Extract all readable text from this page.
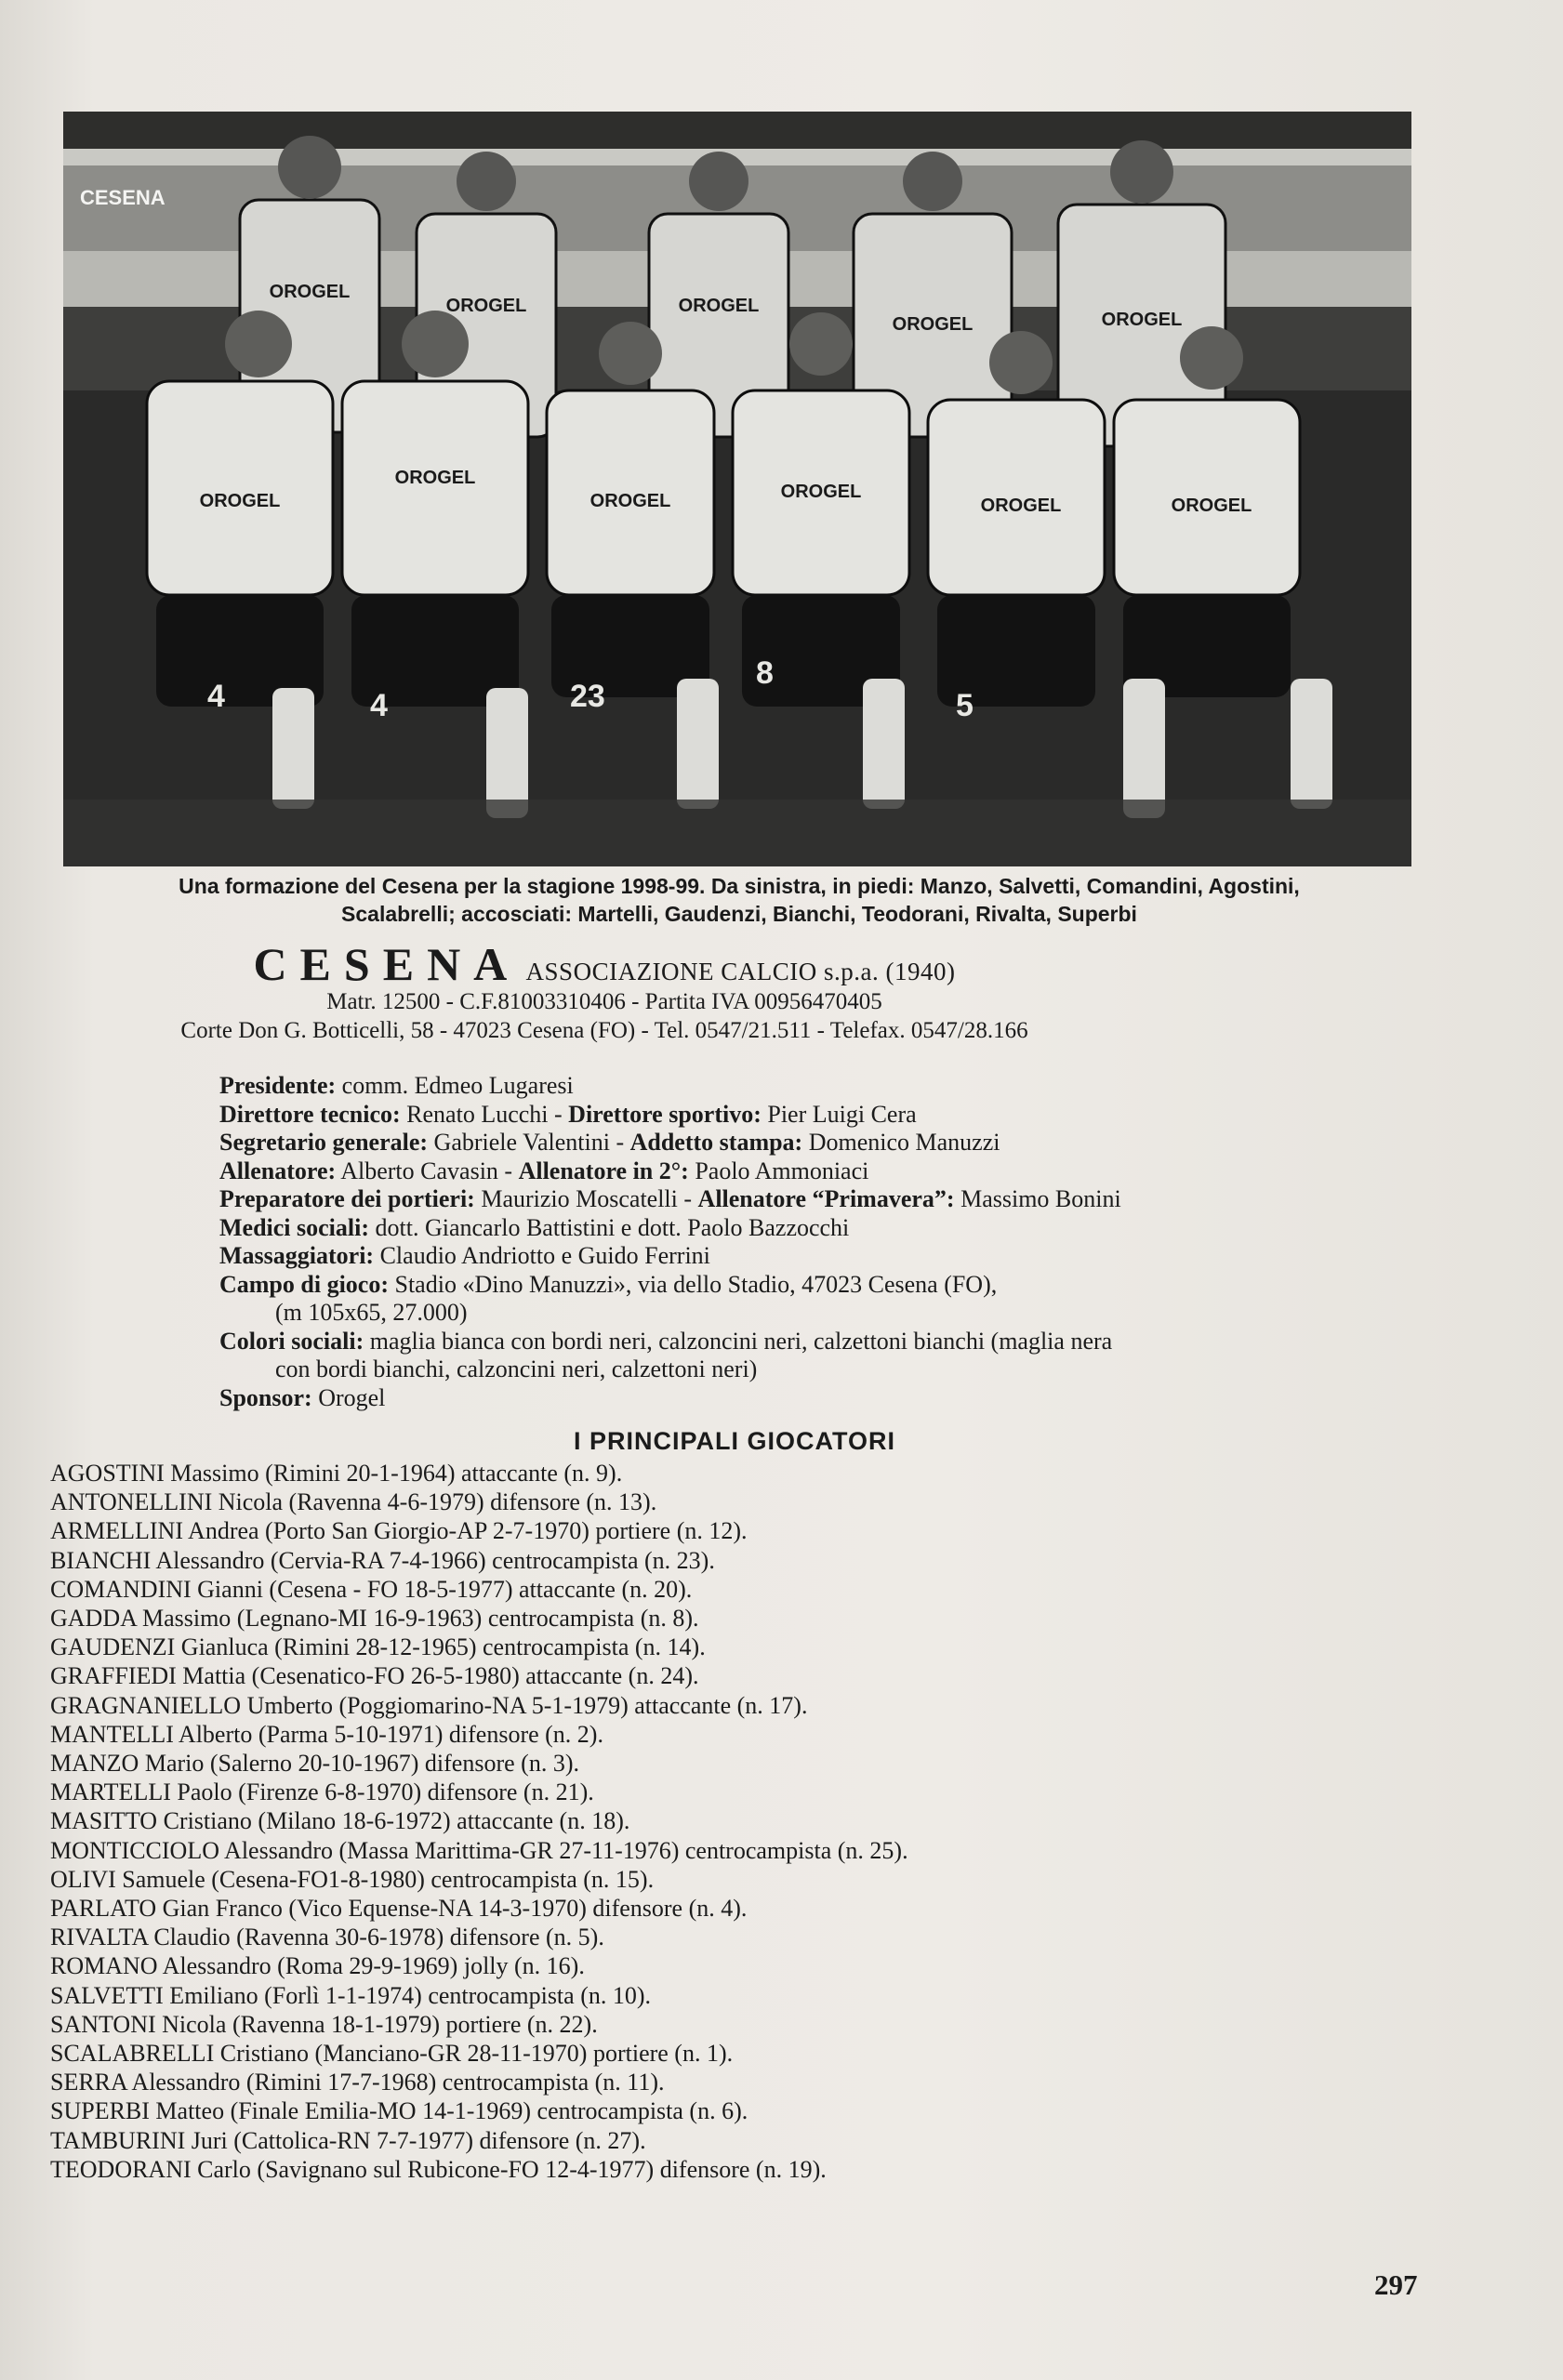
CESENA
OROGEL
OROGEL	OROGEL
OROGEL	OROGEL
OROGEL
OROGEL
OROGEL	OROGEL
OROGEL	OROGEL
4	4	23
8
5
Una formazione del Cesena per la stagione 1998-99. Da sinistra, in piedi: Manzo, Salvetti, Comandini, Agostini,
Scalabrelli; accosciati: Martelli, Gaudenzi, Bianchi, Teodorani, Rivalta, Superbi
CESENA ASSOCIAZIONE CALCIO s.p.a. (1940)
Matr. 12500 - C.F.81003310406 - Partita IVA 00956470405
Corte Don G. Botticelli, 58 - 47023 Cesena (FO) - Tel. 0547/21.511 - Telefax. 0547/28.166
Presidente: comm. Edmeo Lugaresi
Direttore tecnico: Renato Lucchi - Direttore sportivo: Pier Luigi Cera
Segretario generale: Gabriele Valentini - Addetto stampa: Domenico Manuzzi
Allenatore: Alberto Cavasin - Allenatore in 2°: Paolo Ammoniaci
Preparatore dei portieri: Maurizio Moscatelli - Allenatore “Primavera”: Massimo Bonini
Medici sociali: dott. Giancarlo Battistini e dott. Paolo Bazzocchi
Massaggiatori: Claudio Andriotto e Guido Ferrini
Campo di gioco: Stadio «Dino Manuzzi», via dello Stadio, 47023 Cesena (FO),
(m 105x65, 27.000)
Colori sociali: maglia bianca con bordi neri, calzoncini neri, calzettoni bianchi (maglia nera
con bordi bianchi, calzoncini neri, calzettoni neri)
Sponsor: Orogel
I PRINCIPALI GIOCATORI
AGOSTINI Massimo (Rimini 20-1-1964) attaccante (n. 9).
ANTONELLINI Nicola (Ravenna 4-6-1979) difensore (n. 13).
ARMELLINI Andrea (Porto San Giorgio-AP 2-7-1970) portiere (n. 12).
BIANCHI Alessandro (Cervia-RA 7-4-1966) centrocampista (n. 23).
COMANDINI Gianni (Cesena - FO 18-5-1977) attaccante (n. 20).
GADDA Massimo (Legnano-MI 16-9-1963) centrocampista (n. 8).
GAUDENZI Gianluca (Rimini 28-12-1965) centrocampista (n. 14).
GRAFFIEDI Mattia (Cesenatico-FO 26-5-1980) attaccante (n. 24).
GRAGNANIELLO Umberto (Poggiomarino-NA 5-1-1979) attaccante (n. 17).
MANTELLI Alberto (Parma 5-10-1971) difensore (n. 2).
MANZO Mario (Salerno 20-10-1967) difensore (n. 3).
MARTELLI Paolo (Firenze 6-8-1970) difensore (n. 21).
MASITTO Cristiano (Milano 18-6-1972) attaccante (n. 18).
MONTICCIOLO Alessandro (Massa Marittima-GR 27-11-1976) centrocampista (n. 25).
OLIVI Samuele (Cesena-FO1-8-1980) centrocampista (n. 15).
PARLATO Gian Franco (Vico Equense-NA 14-3-1970) difensore (n. 4).
RIVALTA Claudio (Ravenna 30-6-1978) difensore (n. 5).
ROMANO Alessandro (Roma 29-9-1969) jolly (n. 16).
SALVETTI Emiliano (Forlì 1-1-1974) centrocampista (n. 10).
SANTONI Nicola (Ravenna 18-1-1979) portiere (n. 22).
SCALABRELLI Cristiano (Manciano-GR 28-11-1970) portiere (n. 1).
SERRA Alessandro (Rimini 17-7-1968) centrocampista (n. 11).
SUPERBI Matteo (Finale Emilia-MO 14-1-1969) centrocampista (n. 6).
TAMBURINI Juri (Cattolica-RN 7-7-1977) difensore (n. 27).
TEODORANI Carlo (Savignano sul Rubicone-FO 12-4-1977) difensore (n. 19).
297
